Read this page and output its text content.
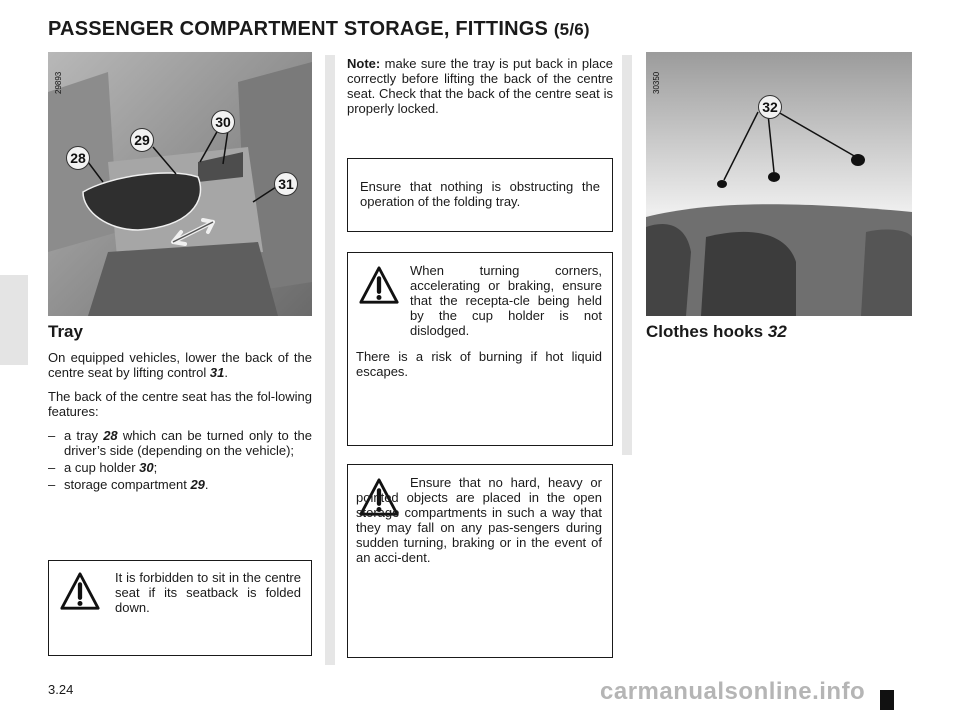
PASSENGER COMPARTMENT STORAGE, FITTINGS (5/6)
29893
28
29
30
31
Tray

On equipped vehicles, lower the back of the centre seat by lifting control 31.

The back of the centre seat has the fol-lowing features:

– a tray 28 which can be turned only to the driver’s side (depending on the vehicle);
– a cup holder 30;
– storage compartment 29.
It is forbidden to sit in the centre seat if its seatback is folded down.
Note: make sure the tray is put back in place correctly before lifting the back of the centre seat. Check that the back of the centre seat is properly locked.
Ensure that nothing is obstructing the operation of the folding tray.
When turning corners, accelerating or braking, ensure that the recepta-cle being held by the cup holder is not dislodged.
There is a risk of burning if hot liquid escapes.
Ensure that no hard, heavy or pointed objects are placed in the open storage compartments in such a way that they may fall on any pas-sengers during sudden turning, braking or in the event of an acci-dent.
30350
32
Clothes hooks 32
3.24	carmanualsonline.info
